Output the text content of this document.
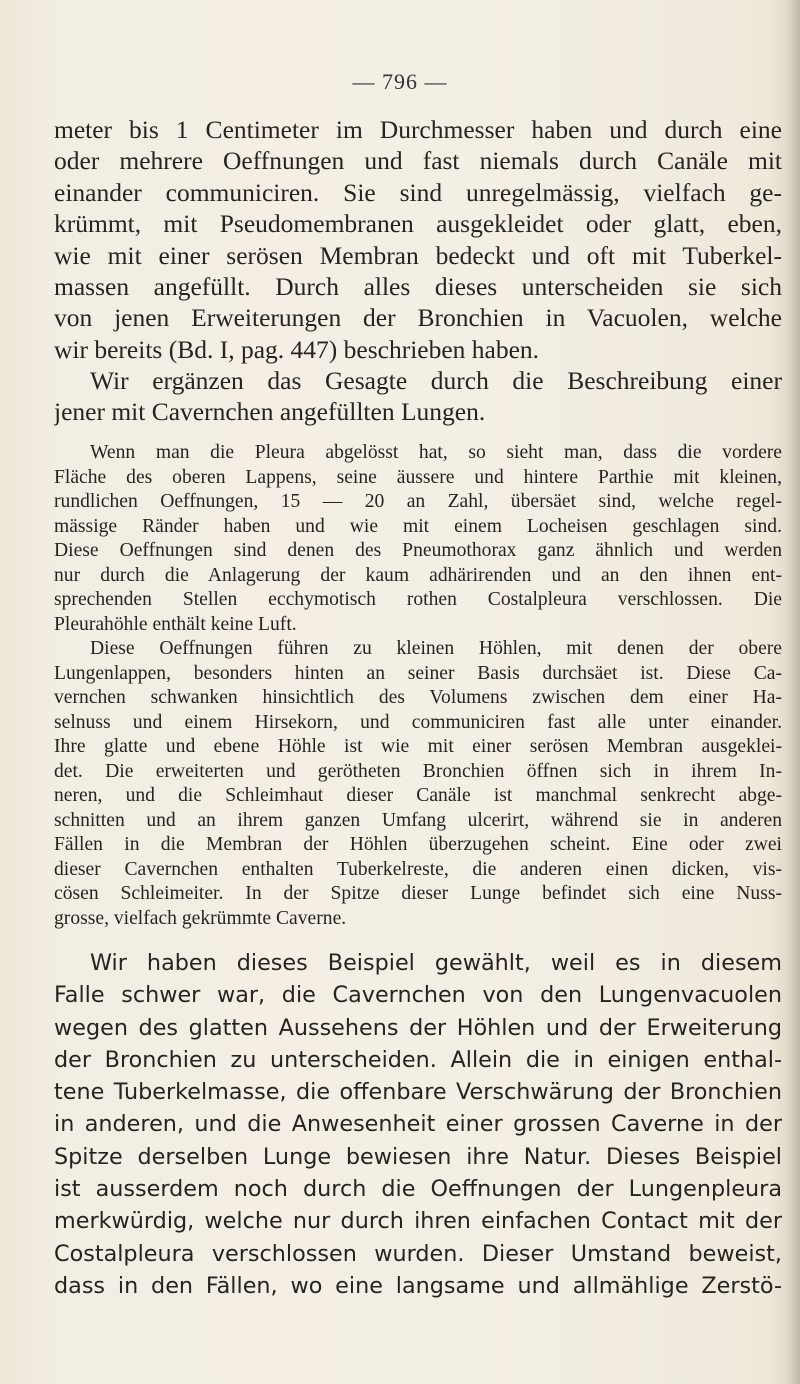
— 796 —
meter bis 1 Centimeter im Durchmesser haben und durch eine
oder mehrere Oeffnungen und fast niemals durch Canäle mit
einander communiciren. Sie sind unregelmässig, vielfach ge-
krümmt, mit Pseudomembranen ausgekleidet oder glatt, eben,
wie mit einer serösen Membran bedeckt und oft mit Tuberkel-
massen angefüllt. Durch alles dieses unterscheiden sie sich
von jenen Erweiterungen der Bronchien in Vacuolen, welche
wir bereits (Bd. I, pag. 447) beschrieben haben.
Wir ergänzen das Gesagte durch die Beschreibung einer
jener mit Cavernchen angefüllten Lungen.
Wenn man die Pleura abgelösst hat, so sieht man, dass die vordere
Fläche des oberen Lappens, seine äussere und hintere Parthie mit kleinen,
rundlichen Oeffnungen, 15 — 20 an Zahl, übersäet sind, welche regel-
mässige Ränder haben und wie mit einem Locheisen geschlagen sind.
Diese Oeffnungen sind denen des Pneumothorax ganz ähnlich und werden
nur durch die Anlagerung der kaum adhärirenden und an den ihnen ent-
sprechenden Stellen ecchymotisch rothen Costalpleura verschlossen. Die
Pleurahöhle enthält keine Luft.
Diese Oeffnungen führen zu kleinen Höhlen, mit denen der obere
Lungenlappen, besonders hinten an seiner Basis durchsäet ist. Diese Ca-
vernchen schwanken hinsichtlich des Volumens zwischen dem einer Ha-
selnuss und einem Hirsekorn, und communiciren fast alle unter einander.
Ihre glatte und ebene Höhle ist wie mit einer serösen Membran ausgeklei-
det. Die erweiterten und gerötheten Bronchien öffnen sich in ihrem In-
neren, und die Schleimhaut dieser Canäle ist manchmal senkrecht abge-
schnitten und an ihrem ganzen Umfang ulcerirt, während sie in anderen
Fällen in die Membran der Höhlen überzugehen scheint. Eine oder zwei
dieser Cavernchen enthalten Tuberkelreste, die anderen einen dicken, vis-
cösen Schleimeiter. In der Spitze dieser Lunge befindet sich eine Nuss-
grosse, vielfach gekrümmte Caverne.
Wir haben dieses Beispiel gewählt, weil es in diesem
Falle schwer war, die Cavernchen von den Lungenvacuolen
wegen des glatten Aussehens der Höhlen und der Erweiterung
der Bronchien zu unterscheiden. Allein die in einigen enthal-
tene Tuberkelmasse, die offenbare Verschwärung der Bronchien
in anderen, und die Anwesenheit einer grossen Caverne in der
Spitze derselben Lunge bewiesen ihre Natur. Dieses Beispiel
ist ausserdem noch durch die Oeffnungen der Lungenpleura
merkwürdig, welche nur durch ihren einfachen Contact mit der
Costalpleura verschlossen wurden. Dieser Umstand beweist,
dass in den Fällen, wo eine langsame und allmählige Zerstö-
